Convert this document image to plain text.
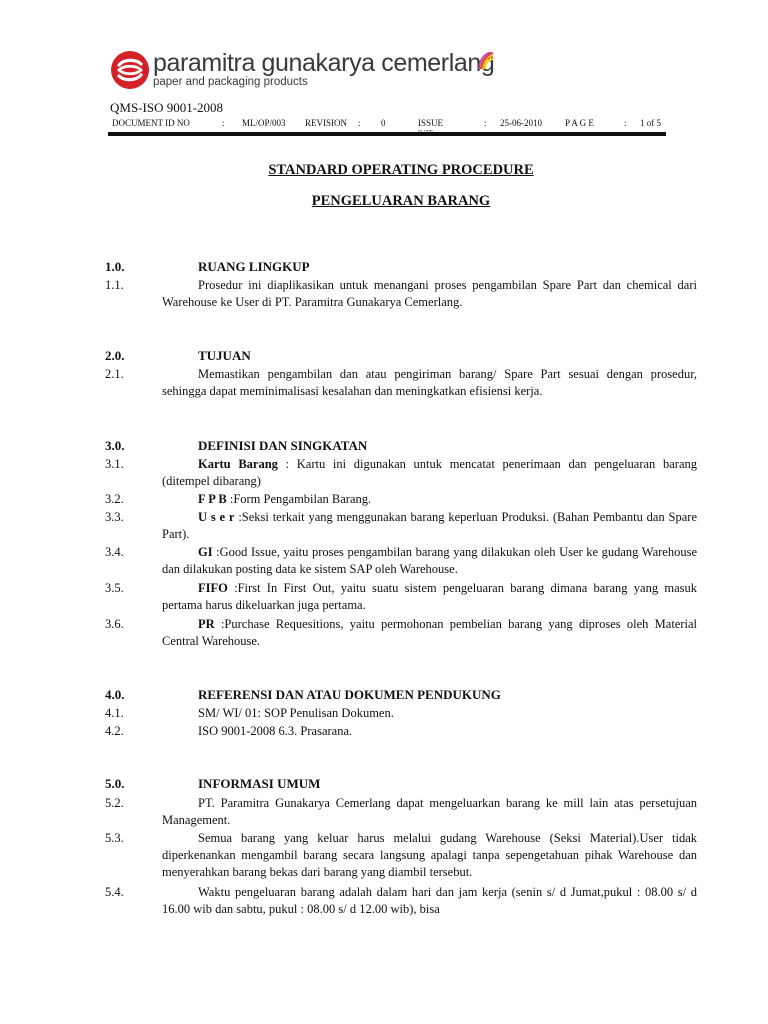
paramitra gunakarya cemerlang
paper and packaging products
QMS-ISO 9001-2008
DOCUMENT ID NO	: ML/OP/003 REVISION : 0	ISSUE	: 25-06-2010	P A G E	: 1 of 5
STANDARD OPERATING PROCEDURE
PENGELUARAN BARANG
1.0.	RUANG LINGKUP
1.1.	Prosedur ini diaplikasikan untuk menangani proses pengambilan Spare Part dan chemical dari Warehouse ke User di PT. Paramitra Gunakarya Cemerlang.
2.0.	TUJUAN
2.1.	Memastikan pengambilan dan atau pengiriman barang/ Spare Part sesuai dengan prosedur, sehingga dapat meminimalisasi kesalahan dan meningkatkan efisiensi kerja.
3.0.	DEFINISI DAN SINGKATAN
3.1.	Kartu Barang : Kartu ini digunakan untuk mencatat penerimaan dan pengeluaran barang (ditempel dibarang)
3.2.	F P B :Form Pengambilan Barang.
3.3.	U s e r :Seksi terkait yang menggunakan barang keperluan Produksi. (Bahan Pembantu dan Spare Part).
3.4.	GI :Good Issue, yaitu proses pengambilan barang yang dilakukan oleh User ke gudang Warehouse dan dilakukan posting data ke sistem SAP oleh Warehouse.
3.5.	FIFO :First In First Out, yaitu suatu sistem pengeluaran barang dimana barang yang masuk pertama harus dikeluarkan juga pertama.
3.6.	PR :Purchase Requesitions, yaitu permohonan pembelian barang yang diproses oleh Material Central Warehouse.
4.0.	REFERENSI DAN ATAU DOKUMEN PENDUKUNG
4.1.	SM/ WI/ 01: SOP Penulisan Dokumen.
4.2.	ISO 9001-2008 6.3. Prasarana.
5.0.	INFORMASI UMUM
5.2.	PT. Paramitra Gunakarya Cemerlang dapat mengeluarkan barang ke mill lain atas persetujuan Management.
5.3.	Semua barang yang keluar harus melalui gudang Warehouse (Seksi Material).User tidak diperkenankan mengambil barang secara langsung apalagi tanpa sepengetahuan pihak Warehouse dan menyerahkan barang bekas dari barang yang diambil tersebut.
5.4.	Waktu pengeluaran barang adalah dalam hari dan jam kerja (senin s/ d Jumat,pukul : 08.00 s/ d 16.00 wib dan sabtu, pukul : 08.00 s/ d 12.00 wib), bisa
